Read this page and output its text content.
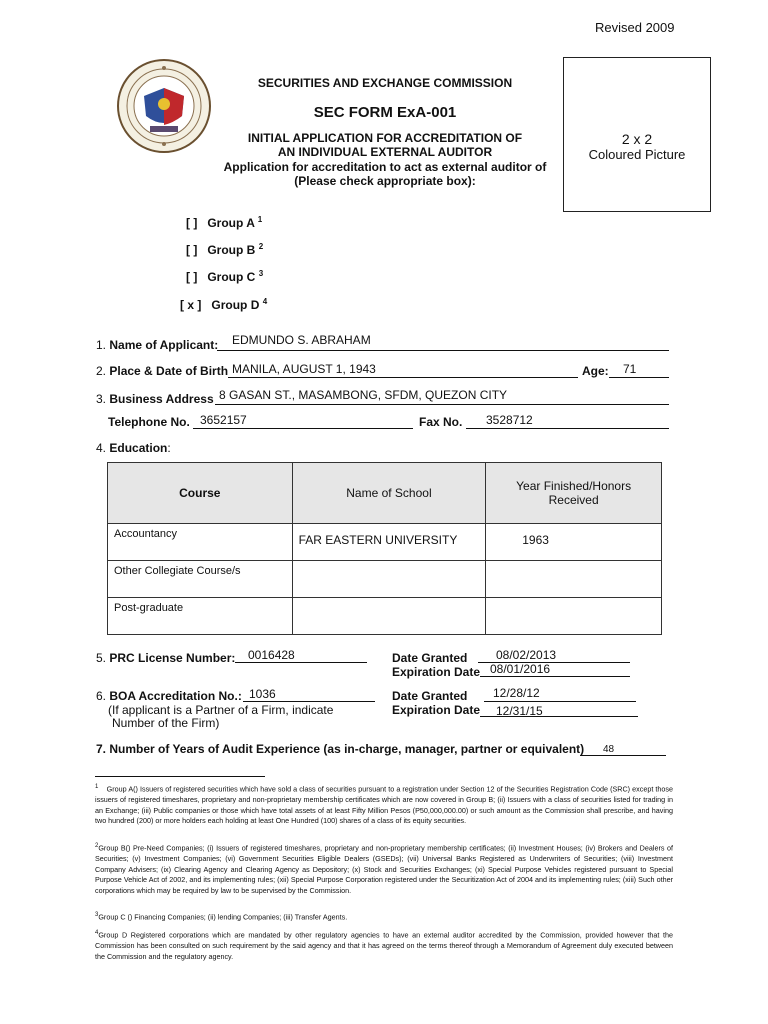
Revised 2009
SECURITIES AND EXCHANGE COMMISSION
SEC FORM ExA-001
INITIAL APPLICATION FOR ACCREDITATION OF
AN INDIVIDUAL EXTERNAL AUDITOR
Application for accreditation to act as external auditor of
(Please check appropriate box):
2 x 2
Coloured Picture
[ ] Group A $^1$
[ ] Group B $^2$
[ ] Group C $^3$
[ x ] Group D $^4$
1. Name of Applicant: EDMUNDO S. ABRAHAM
2. Place & Date of Birth MANILA, AUGUST 1, 1943	Age: 71
3. Business Address 8 GASAN ST., MASAMBONG, SFDM, QUEZON CITY
Telephone No. 3652157	Fax No. 3528712
4. Education:
Course	Name of School	Year Finished/Honors Received
Accountancy	FAR EASTERN UNIVERSITY	1963
Other Collegiate Course/s		
Post-graduate		
5. PRC License Number: 0016428	Date Granted 08/02/2013
Expiration Date 08/01/2016
6. BOA Accreditation No.: 1036
(If applicant is a Partner of a Firm, indicate
Number of the Firm)
Date Granted 12/28/12
Expiration Date 12/31/15
7. Number of Years of Audit Experience (as in-charge, manager, partner or equivalent) 48
$^1$ Group A() Issuers of registered securities which have sold a class of securities pursuant to a registration under Section 12 of the Securities Registration Code (SRC) except those issuers of registered timeshares, proprietary and non-proprietary membership certificates which are now covered in Group B; (ii) Issuers with a class of securities listed for trading in an Exchange; (iii) Public companies or those which have total assets of at least Fifty Million Pesos (P50,000,000.00) or such amount as the Commission shall prescribe, and having two hundred (200) or more holders each holding at least One Hundred (100) shares of a class of its equity securities.
$^2$Group B() Pre-Need Companies; (i) Issuers of registered timeshares, proprietary and non-proprietary membership certificates; (ii) Investment Houses; (iv) Brokers and Dealers of Securities; (v) Investment Companies; (vi) Government Securities Eligible Dealers (GSEDs); (vii) Universal Banks Registered as Underwriters of Securities; (viii) Investment Company Advisers; (ix) Clearing Agency and Clearing Agency as Depository; (x) Stock and Securities Exchanges; (xi) Special Purpose Vehicles registered pursuant to Special Purpose Vehicle Act of 2002, and its implementing rules; (xii) Special Purpose Corporation registered under the Securitization Act of 2004 and its implementing rules; (xiii) Such other corporations which may be required by law to be supervised by the Commission.
$^3$Group C () Financing Companies; (ii) lending Companies; (iii) Transfer Agents.
$^4$Group D Registered corporations which are mandated by other regulatory agencies to have an external auditor accredited by the Commission, provided however that the Commission has been consulted on such requirement by the said agency and that it has agreed on the terms thereof through a Memorandum of Agreement duly executed between the Commission and the regulatory agency.
